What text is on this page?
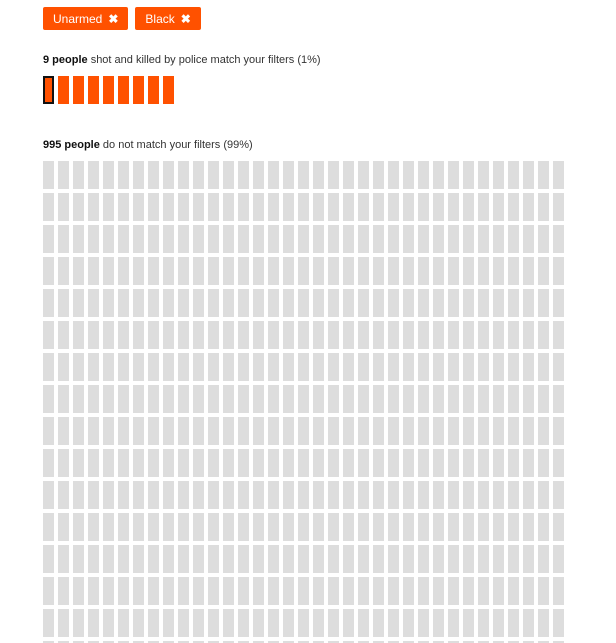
Unarmed ✖ Black ✖
9 people shot and killed by police match your filters (1%)
995 people do not match your filters (99%)
